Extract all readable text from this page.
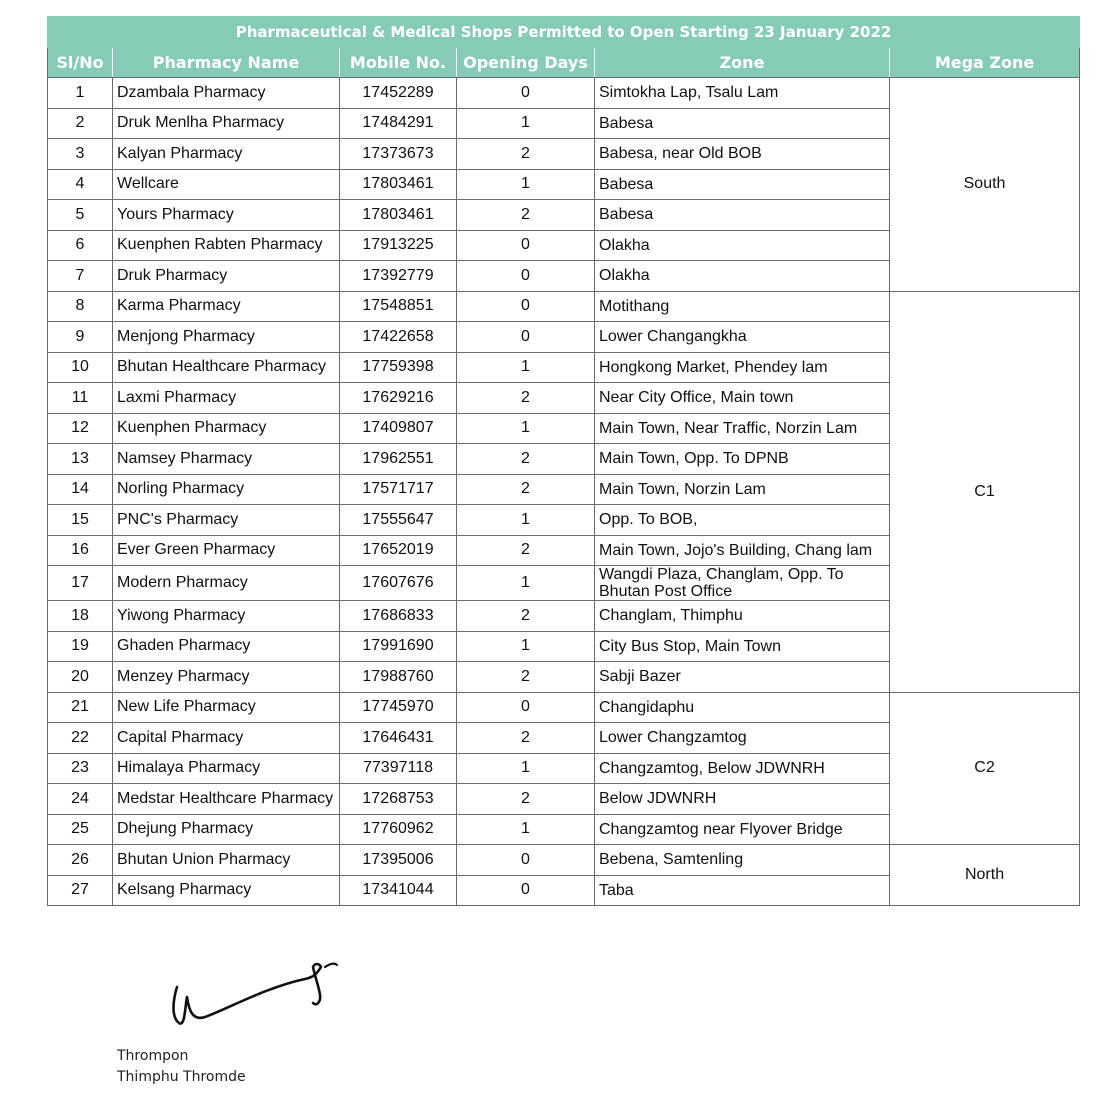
Pharmaceutical & Medical Shops Permitted to Open Starting 23 January 2022					
Sl/No	Pharmacy Name	Mobile No.	Opening Days	Zone	Mega Zone
1	Dzambala Pharmacy	17452289	0	Simtokha Lap, Tsalu Lam	South
2	Druk Menlha Pharmacy	17484291	1	Babesa	
3	Kalyan Pharmacy	17373673	2	Babesa, near Old BOB	
4	Wellcare	17803461	1	Babesa	
5	Yours Pharmacy	17803461	2	Babesa	
6	Kuenphen Rabten Pharmacy	17913225	0	Olakha	
7	Druk Pharmacy	17392779	0	Olakha	
8	Karma Pharmacy	17548851	0	Motithang	C1
9	Menjong Pharmacy	17422658	0	Lower Changangkha	
10	Bhutan Healthcare Pharmacy	17759398	1	Hongkong Market, Phendey lam	
11	Laxmi Pharmacy	17629216	2	Near City Office, Main town	
12	Kuenphen Pharmacy	17409807	1	Main Town, Near Traffic, Norzin Lam	
13	Namsey Pharmacy	17962551	2	Main Town, Opp. To DPNB	
14	Norling Pharmacy	17571717	2	Main Town, Norzin Lam	
15	PNC's Pharmacy	17555647	1	Opp. To BOB,	
16	Ever Green Pharmacy	17652019	2	Main Town, Jojo's Building, Chang lam	
17	Modern Pharmacy	17607676	1	Wangdi Plaza, Changlam, Opp. To Bhutan Post Office	
18	Yiwong Pharmacy	17686833	2	Changlam, Thimphu	
19	Ghaden Pharmacy	17991690	1	City Bus Stop, Main Town	
20	Menzey Pharmacy	17988760	2	Sabji Bazer	
21	New Life Pharmacy	17745970	0	Changidaphu	C2
22	Capital Pharmacy	17646431	2	Lower Changzamtog	
23	Himalaya Pharmacy	77397118	1	Changzamtog, Below JDWNRH	
24	Medstar Healthcare Pharmacy	17268753	2	Below JDWNRH	
25	Dhejung Pharmacy	17760962	1	Changzamtog near Flyover Bridge	
26	Bhutan Union Pharmacy	17395006	0	Bebena, Samtenling	North
27	Kelsang Pharmacy	17341044	0	Taba	
Thrompon
Thimphu Thromde
